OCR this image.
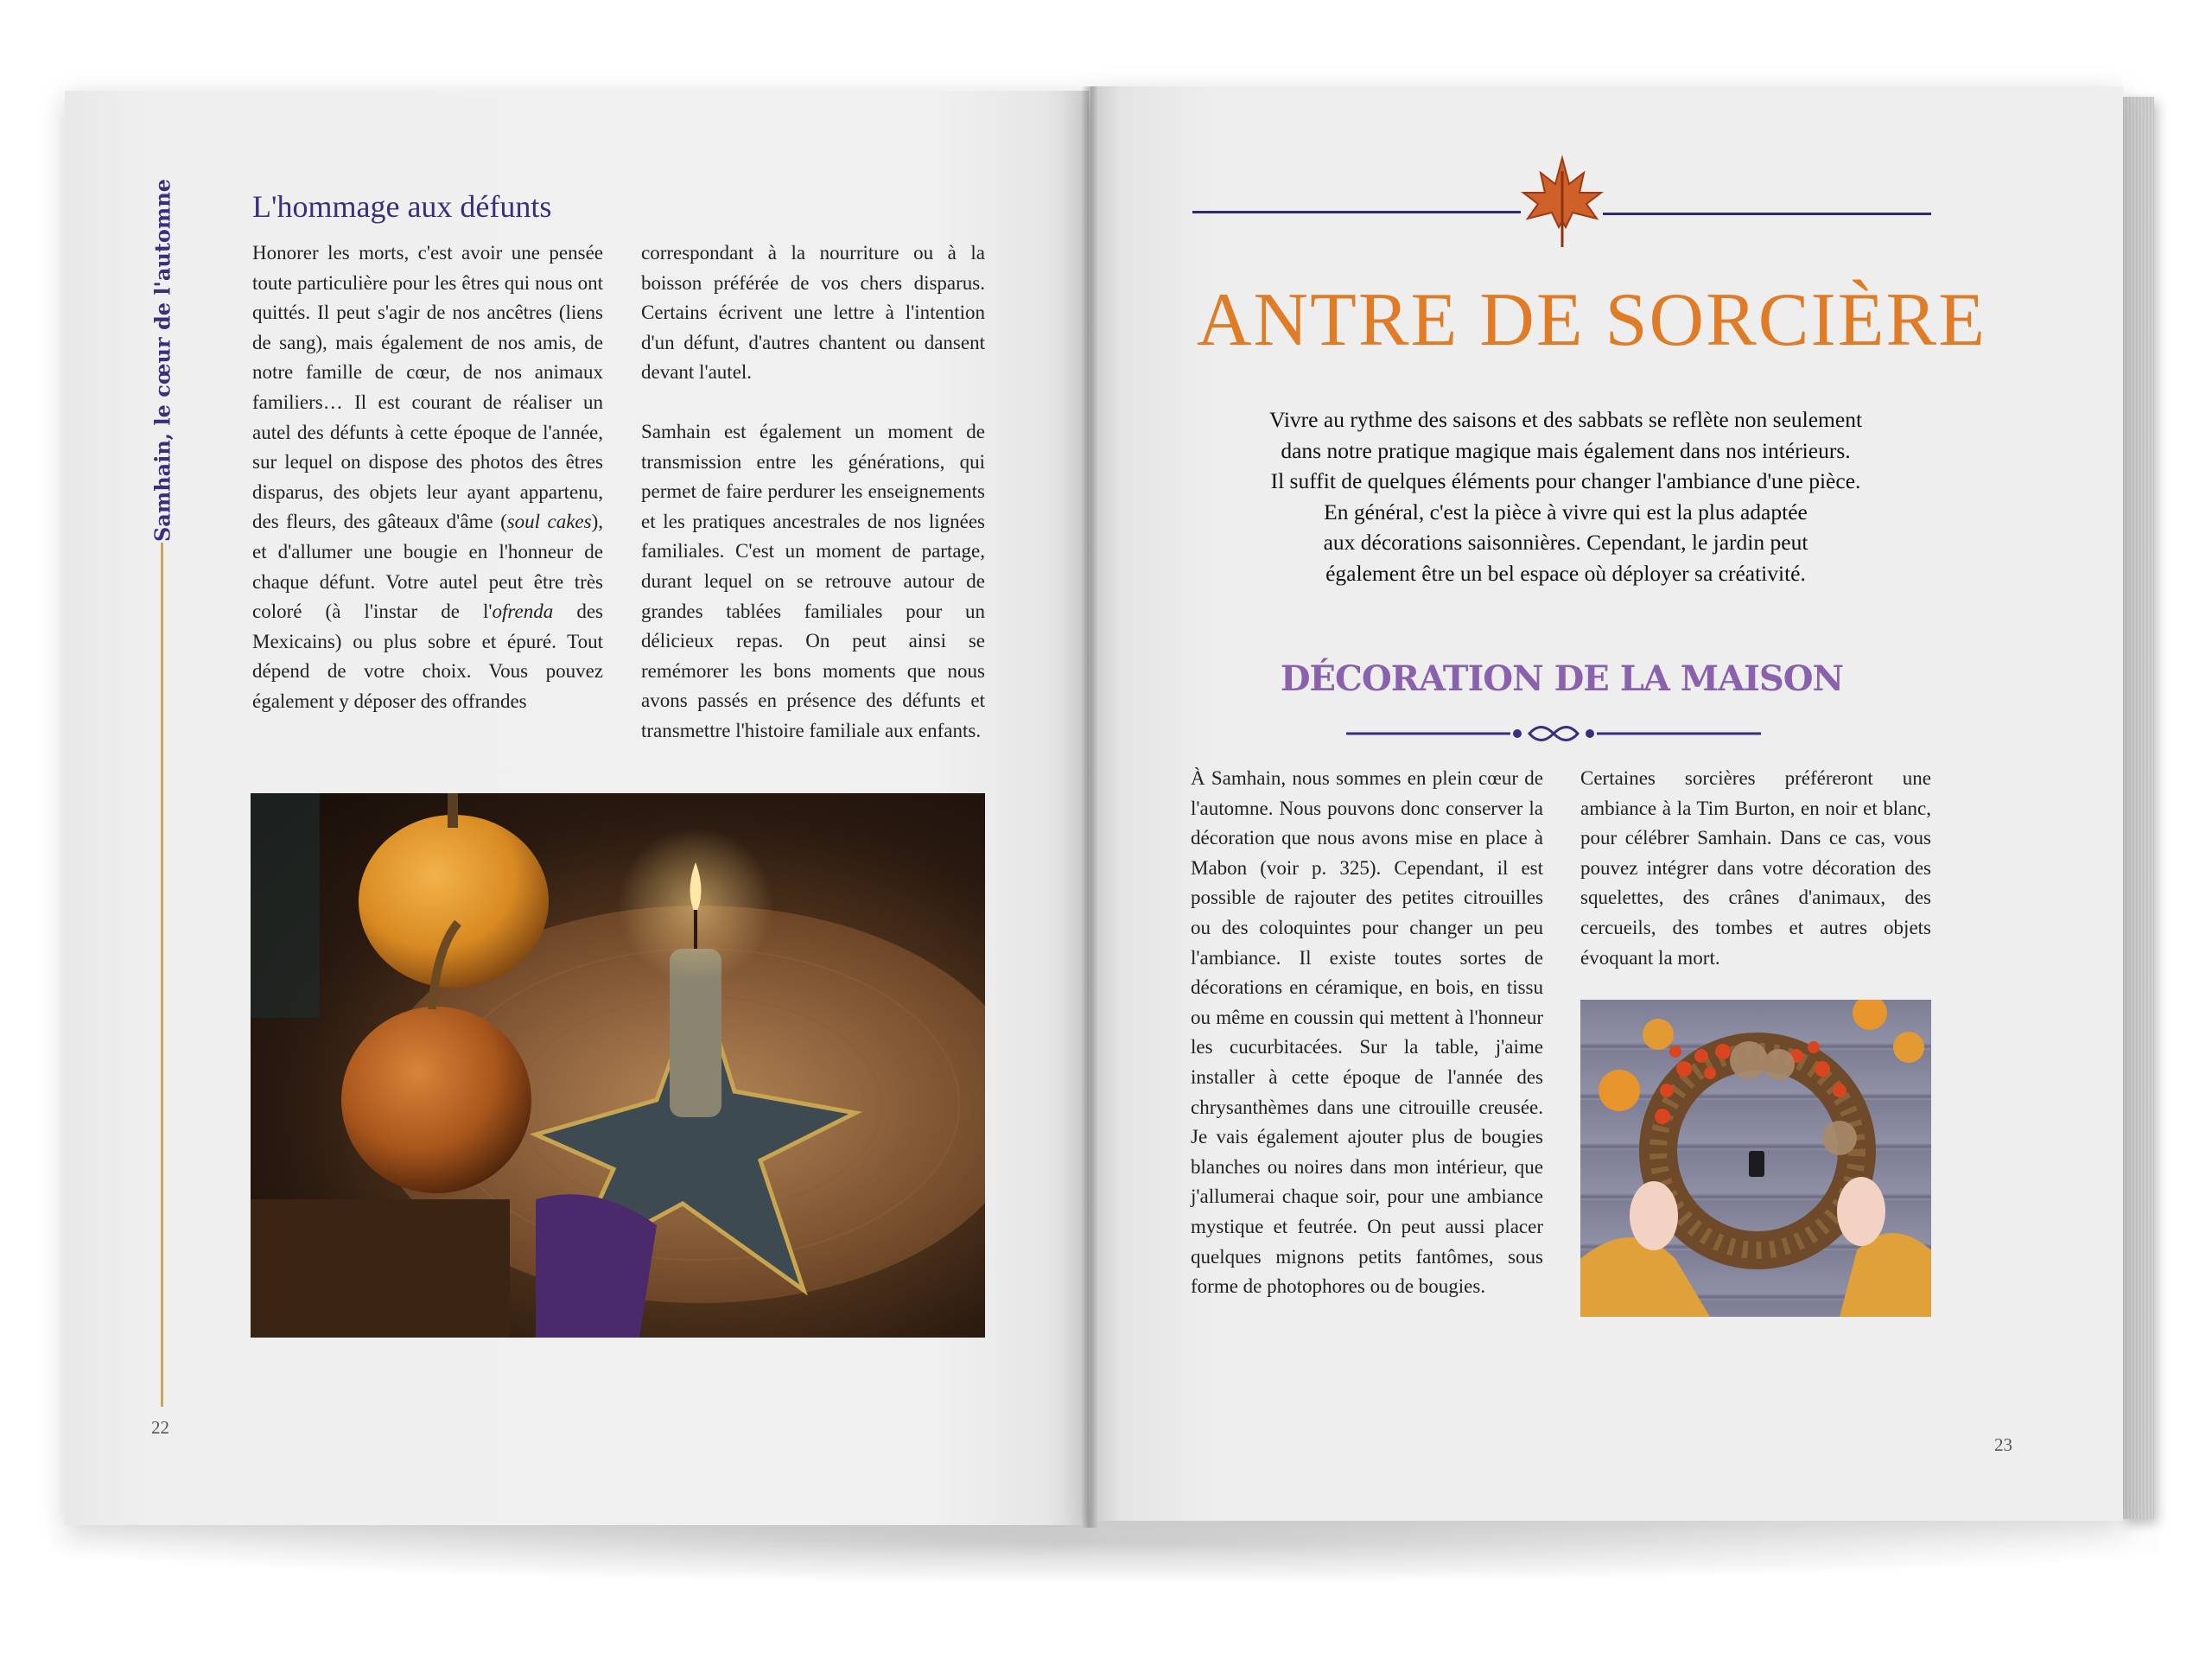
Samhain, le cœur de l'automne L'hommage aux défunts

Honorer les morts, c'est avoir une pensée toute particulière pour les êtres qui nous ont quittés. Il peut s'agir de nos ancêtres (liens de sang), mais également de nos amis, de notre famille de cœur, de nos animaux familiers… Il est courant de réaliser un autel des défunts à cette époque de l'année, sur lequel on dispose des photos des êtres disparus, des objets leur ayant appartenu, des fleurs, des gâteaux d'âme (soul cakes), et d'allumer une bougie en l'honneur de chaque défunt. Votre autel peut être très coloré (à l'instar de l'ofrenda des Mexicains) ou plus sobre et épuré. Tout dépend de votre choix. Vous pouvez également y déposer des offrandes

correspondant à la nourriture ou à la boisson préférée de vos chers disparus. Certains écrivent une lettre à l'intention d'un défunt, d'autres chantent ou dansent devant l'autel.

Samhain est également un moment de transmission entre les générations, qui permet de faire perdurer les enseignements et les pratiques ancestrales de nos lignées familiales. C'est un moment de partage, durant lequel on se retrouve autour de grandes tablées familiales pour un délicieux repas. On peut ainsi se remémorer les bons moments que nous avons passés en présence des défunts et transmettre l'histoire familiale aux enfants.

22
ANTRE DE SORCIÈRE
Vivre au rythme des saisons et des sabbats se reflète non seulement
dans notre pratique magique mais également dans nos intérieurs.
Il suffit de quelques éléments pour changer l'ambiance d'une pièce.
En général, c'est la pièce à vivre qui est la plus adaptée
aux décorations saisonnières. Cependant, le jardin peut
également être un bel espace où déployer sa créativité.
DÉCORATION DE LA MAISON

À Samhain, nous sommes en plein cœur de l'automne. Nous pouvons donc conserver la décoration que nous avons mise en place à Mabon (voir p. 325). Cependant, il est possible de rajouter des petites citrouilles ou des coloquintes pour changer un peu l'ambiance. Il existe toutes sortes de décorations en céramique, en bois, en tissu ou même en coussin qui mettent à l'honneur les cucurbitacées. Sur la table, j'aime installer à cette époque de l'année des chrysanthèmes dans une citrouille creusée. Je vais également ajouter plus de bougies blanches ou noires dans mon intérieur, que j'allumerai chaque soir, pour une ambiance mystique et feutrée. On peut aussi placer quelques mignons petits fantômes, sous forme de photophores ou de bougies.

Certaines sorcières préféreront une ambiance à la Tim Burton, en noir et blanc, pour célébrer Samhain. Dans ce cas, vous pouvez intégrer dans votre décoration des squelettes, des crânes d'animaux, des cercueils, des tombes et autres objets évoquant la mort.

23
